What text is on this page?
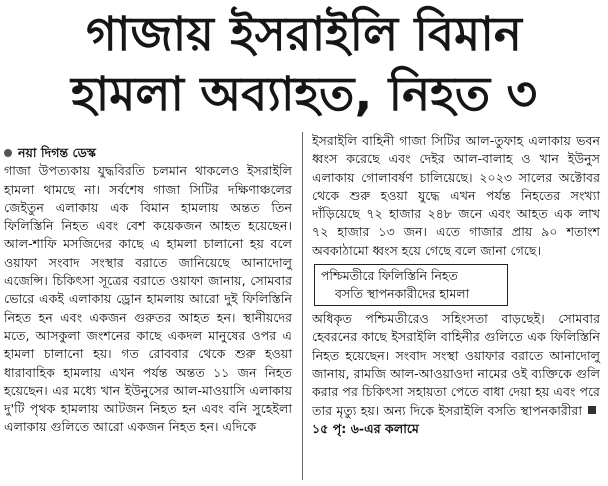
গাজায় ইসরাইলি বিমান
হামলা অব্যাহত, নিহত ৩
নয়া দিগন্ত ডেস্ক

গাজা উপত্যকায় যুদ্ধবিরতি চলমান থাকলেও ইসরাইলি হামলা থামছে না। সর্বশেষ গাজা সিটির দক্ষিণাঞ্চলের জেইতুন এলাকায় এক বিমান হামলায় অন্তত তিন ফিলিস্তিনি নিহত এবং বেশ কয়েকজন আহত হয়েছেন। আল-শাফি মসজিদের কাছে এ হামলা চালানো হয় বলে ওয়াফা সংবাদ সংস্থার বরাতে জানিয়েছে আনাদোলু এজেন্সি। চিকিৎসা সূত্রের বরাতে ওয়াফা জানায়, সোমবার ভোরে একই এলাকায় ড্রোন হামলায় আরো দুই ফিলিস্তিনি নিহত হন এবং একজন গুরুতর আহত হন। স্থানীয়দের মতে, আসকুলা জংশনের কাছে একদল মানুষের ওপর এ হামলা চালানো হয়। গত রোববার থেকে শুরু হওয়া ধারাবাহিক হামলায় এখন পর্যন্ত অন্তত ১১ জন নিহত হয়েছেন। এর মধ্যে খান ইউনুসের আল-মাওয়াসি এলাকায় দু'টি পৃথক হামলায় আটজন নিহত হন এবং বনি সুহেইলা এলাকায় গুলিতে আরো একজন নিহত হন। এদিকে

ইসরাইলি বাহিনী গাজা সিটির আল-তুফাহ এলাকায় ভবন ধ্বংস করেছে এবং দেইর আল-বালাহ ও খান ইউনুস এলাকায় গোলাবর্ষণ চালিয়েছে। ২০২৩ সালের অক্টোবর থেকে শুরু হওয়া যুদ্ধে এখন পর্যন্ত নিহতের সংখ্যা দাঁড়িয়েছে ৭২ হাজার ২৪৮ জনে এবং আহত এক লাখ ৭২ হাজার ১৩ জন। এতে গাজার প্রায় ৯০ শতাংশ অবকাঠামো ধ্বংস হয়ে গেছে বলে জানা গেছে।

পশ্চিমতীরে ফিলিস্তিনি নিহত
বসতি স্থাপনকারীদের হামলা

অধিকৃত পশ্চিমতীরেও সহিংসতা বাড়ছেই। সোমবার হেবরনের কাছে ইসরাইলি বাহিনীর গুলিতে এক ফিলিস্তিনি নিহত হয়েছেন। সংবাদ সংস্থা ওয়াফার বরাতে আনাদোলু জানায়, রামজি আল-আওয়াওদা নামের ওই ব্যক্তিকে গুলি করার পর চিকিৎসা সহায়তা পেতে বাধা দেয়া হয় এবং পরে তার মৃত্যু হয়। অন্য দিকে ইসরাইলি বসতি স্থাপনকারীরা১৫ পৃ: ৬-এর কলামে
